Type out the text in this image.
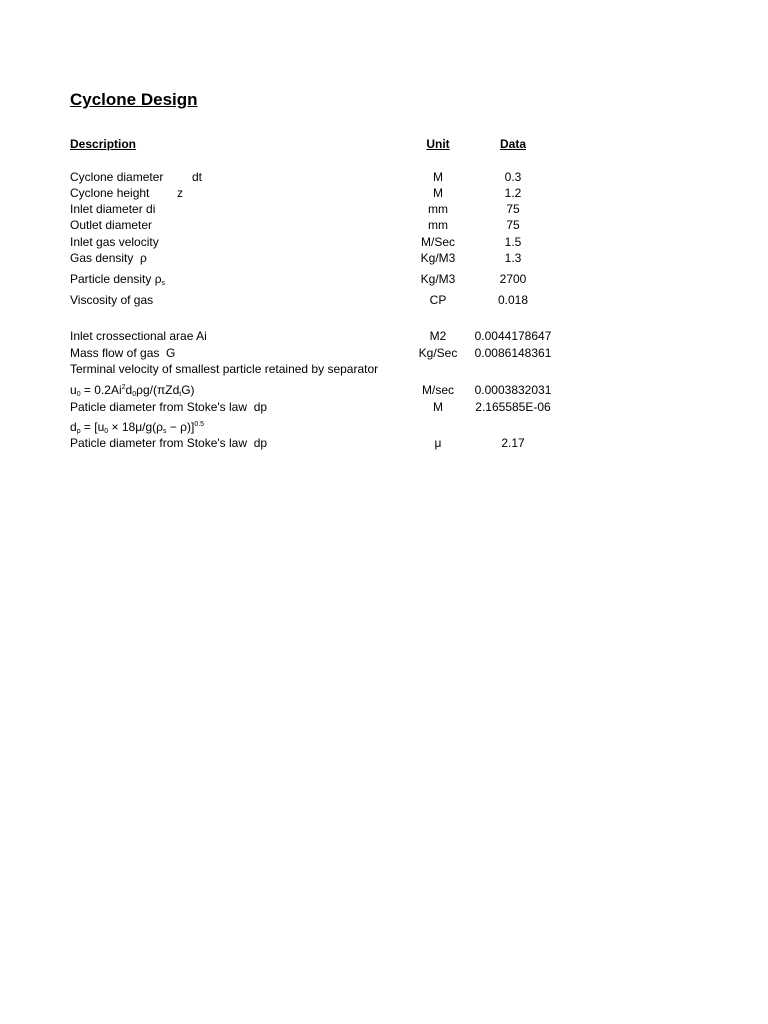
Cyclone Design
Description	Unit	Data
Cyclone diameter dt	M	0.3
Cyclone height z	M	1.2
Inlet diameter di	mm	75
Outlet diameter	mm	75
Inlet gas velocity	M/Sec	1.5
Gas density  ρ	Kg/M3	1.3
Particle density $\rho_s$	Kg/M3	2700
Viscosity of gas	CP	0.018
Inlet crossectional arae Ai	M2	0.0044178647
Mass flow of gas  G	Kg/Sec	0.0086148361
Terminal velocity of smallest particle retained by separator
$u_0 = 0.2Ai^2d_0\rho g/(\pi Zd_tG)$	M/sec	0.0003832031
Paticle diameter from Stoke's law  dp	M	2.165585E-06
$d_p = [u_0 \times 18\mu/g(\rho_s - \rho)]^{0.5}$
Paticle diameter from Stoke's law  dp	μ	2.17
